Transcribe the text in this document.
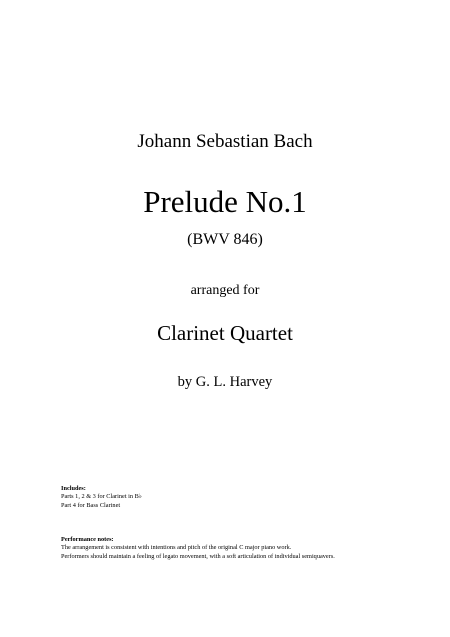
Johann Sebastian Bach
Prelude No.1
(BWV 846)
arranged for
Clarinet Quartet
by G. L. Harvey
Includes:
Parts 1, 2 & 3 for Clarinet in B♭
Part 4 for Bass Clarinet
Performance notes:
The arrangement is consistent with intentions and pitch of the original C major piano work.
Performers should maintain a feeling of legato movement, with a soft articulation of individual semiquavers.
